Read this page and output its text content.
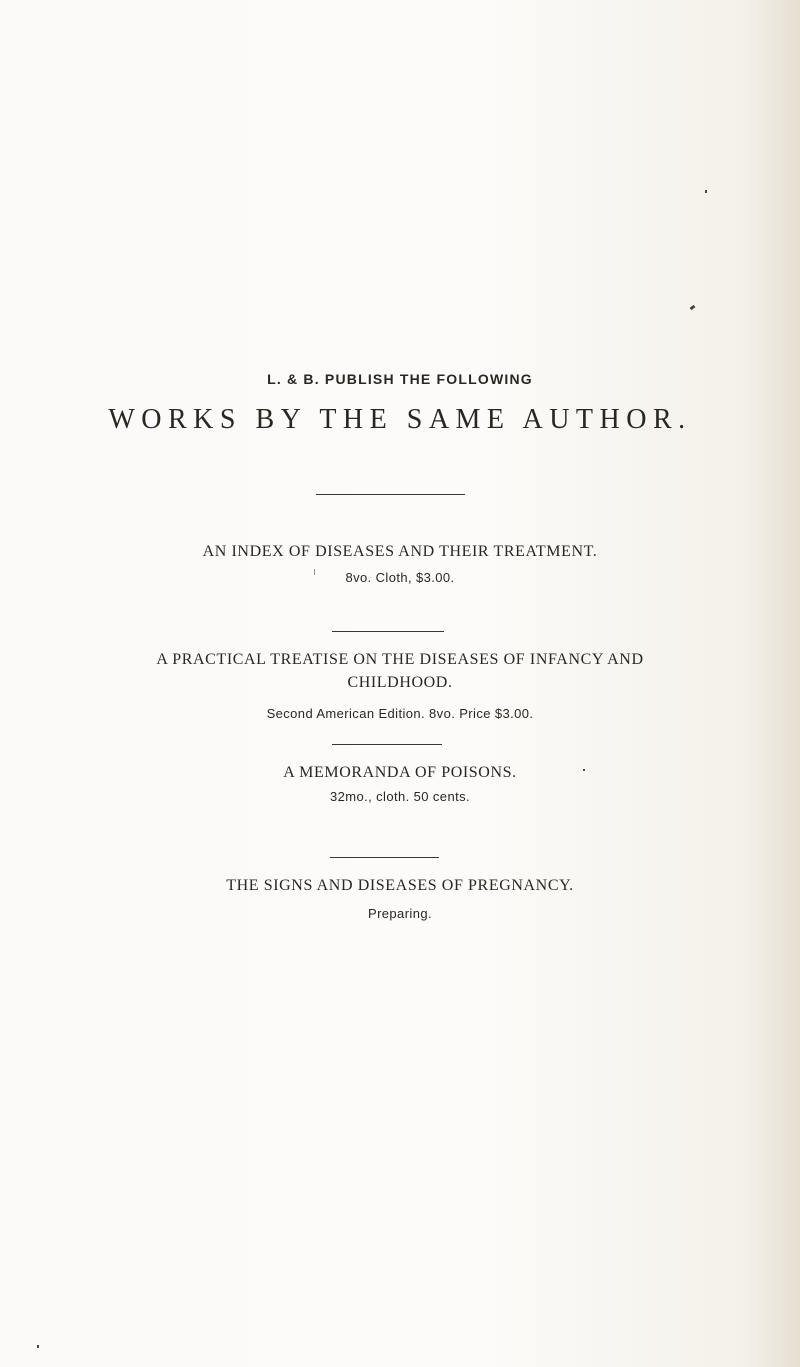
L. & B. PUBLISH THE FOLLOWING
WORKS BY THE SAME AUTHOR.
AN INDEX OF DISEASES AND THEIR TREATMENT.
8vo. Cloth, $3.00.
A PRACTICAL TREATISE ON THE DISEASES OF INFANCY AND
CHILDHOOD.
Second American Edition. 8vo. Price $3.00.
A MEMORANDA OF POISONS.
32mo., cloth. 50 cents.
THE SIGNS AND DISEASES OF PREGNANCY.
Preparing.
